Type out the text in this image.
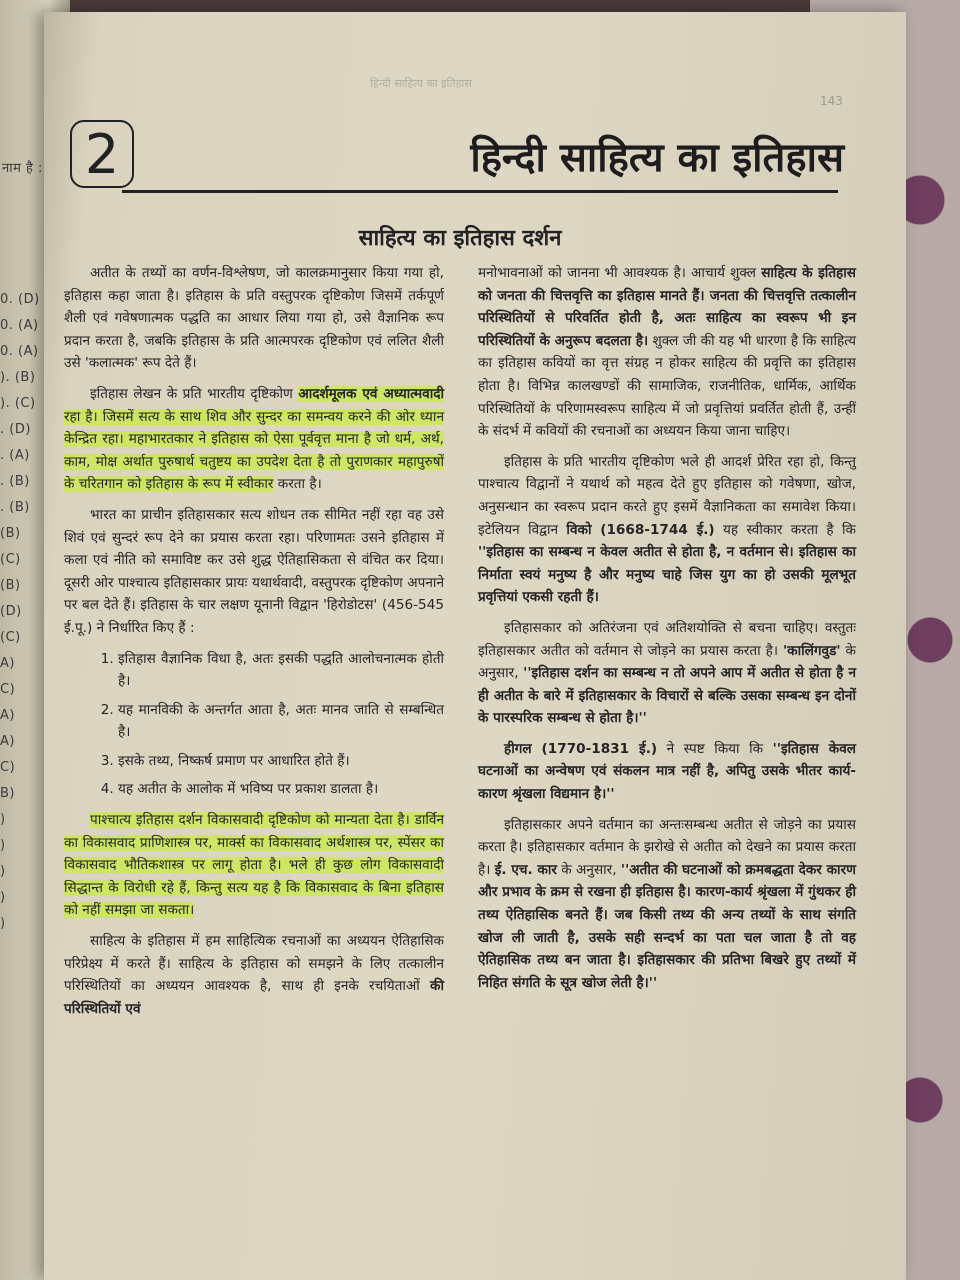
नाम है :
0. (D)
0. (A)
0. (A)
). (B)
). (C)
. (D)
. (A)
. (B)
. (B)
(B)
(C)
(B)
(D)
(C)
A)
C)
A)
A)
C)
B)
)
)
)
)
)
हिन्दी साहित्य का इतिहास
143
2	हिन्दी साहित्य का इतिहास
साहित्य का इतिहास दर्शन

अतीत के तथ्यों का वर्णन-विश्लेषण, जो कालक्रमानुसार किया गया हो, इतिहास कहा जाता है। इतिहास के प्रति वस्तुपरक दृष्टिकोण जिसमें तर्कपूर्ण शैली एवं गवेषणात्मक पद्धति का आधार लिया गया हो, उसे वैज्ञानिक रूप प्रदान करता है, जबकि इतिहास के प्रति आत्मपरक दृष्टिकोण एवं ललित शैली उसे 'कलात्मक' रूप देते हैं।

इतिहास लेखन के प्रति भारतीय दृष्टिकोण आदर्शमूलक एवं अध्यात्मवादी रहा है। जिसमें सत्य के साथ शिव और सुन्दर का समन्वय करने की ओर ध्यान केन्द्रित रहा। महाभारतकार ने इतिहास को ऐसा पूर्ववृत्त माना है जो धर्म, अर्थ, काम, मोक्ष अर्थात पुरुषार्थ चतुष्टय का उपदेश देता है तो पुराणकार महापुरुषों के चरितगान को इतिहास के रूप में स्वीकार करता है।

भारत का प्राचीन इतिहासकार सत्य शोधन तक सीमित नहीं रहा वह उसे शिवं एवं सुन्दरं रूप देने का प्रयास करता रहा। परिणामतः उसने इतिहास में कला एवं नीति को समाविष्ट कर उसे शुद्ध ऐतिहासिकता से वंचित कर दिया। दूसरी ओर पाश्चात्य इतिहासकार प्रायः यथार्थवादी, वस्तुपरक दृष्टिकोण अपनाने पर बल देते हैं। इतिहास के चार लक्षण यूनानी विद्वान 'हिरोडोटस' (456-545 ई.पू.) ने निर्धारित किए हैं :

1. इतिहास वैज्ञानिक विधा है, अतः इसकी पद्धति आलोचनात्मक होती है।
2. यह मानविकी के अन्तर्गत आता है, अतः मानव जाति से सम्बन्धित है।
3. इसके तथ्य, निष्कर्ष प्रमाण पर आधारित होते हैं।
4. यह अतीत के आलोक में भविष्य पर प्रकाश डालता है।

पाश्चात्य इतिहास दर्शन विकासवादी दृष्टिकोण को मान्यता देता है। डार्विन का विकासवाद प्राणिशास्त्र पर, मार्क्स का विकासवाद अर्थशास्त्र पर, स्पेंसर का विकासवाद भौतिकशास्त्र पर लागू होता है। भले ही कुछ लोग विकासवादी सिद्धान्त के विरोधी रहे हैं, किन्तु सत्य यह है कि विकासवाद के बिना इतिहास को नहीं समझा जा सकता।

साहित्य के इतिहास में हम साहित्यिक रचनाओं का अध्ययन ऐतिहासिक परिप्रेक्ष्य में करते हैं। साहित्य के इतिहास को समझने के लिए तत्कालीन परिस्थितियों का अध्ययन आवश्यक है, साथ ही इनके रचयिताओं की परिस्थितियों एवं

मनोभावनाओं को जानना भी आवश्यक है। आचार्य शुक्ल साहित्य के इतिहास को जनता की चित्तवृत्ति का इतिहास मानते हैं। जनता की चित्तवृत्ति तत्कालीन परिस्थितियों से परिवर्तित होती है, अतः साहित्य का स्वरूप भी इन परिस्थितियों के अनुरूप बदलता है। शुक्ल जी की यह भी धारणा है कि साहित्य का इतिहास कवियों का वृत्त संग्रह न होकर साहित्य की प्रवृत्ति का इतिहास होता है। विभिन्न कालखण्डों की सामाजिक, राजनीतिक, धार्मिक, आर्थिक परिस्थितियों के परिणामस्वरूप साहित्य में जो प्रवृत्तियां प्रवर्तित होती हैं, उन्हीं के संदर्भ में कवियों की रचनाओं का अध्ययन किया जाना चाहिए।

इतिहास के प्रति भारतीय दृष्टिकोण भले ही आदर्श प्रेरित रहा हो, किन्तु पाश्चात्य विद्वानों ने यथार्थ को महत्व देते हुए इतिहास को गवेषणा, खोज, अनुसन्धान का स्वरूप प्रदान करते हुए इसमें वैज्ञानिकता का समावेश किया। इटेलियन विद्वान विको (1668-1744 ई.) यह स्वीकार करता है कि ''इतिहास का सम्बन्ध न केवल अतीत से होता है, न वर्तमान से। इतिहास का निर्माता स्वयं मनुष्य है और मनुष्य चाहे जिस युग का हो उसकी मूलभूत प्रवृत्तियां एकसी रहती हैं।

इतिहासकार को अतिरंजना एवं अतिशयोक्ति से बचना चाहिए। वस्तुतः इतिहासकार अतीत को वर्तमान से जोड़ने का प्रयास करता है। 'कालिंगवुड' के अनुसार, ''इतिहास दर्शन का सम्बन्ध न तो अपने आप में अतीत से होता है न ही अतीत के बारे में इतिहासकार के विचारों से बल्कि उसका सम्बन्ध इन दोनों के पारस्परिक सम्बन्ध से होता है।''

हीगल (1770-1831 ई.) ने स्पष्ट किया कि ''इतिहास केवल घटनाओं का अन्वेषण एवं संकलन मात्र नहीं है, अपितु उसके भीतर कार्य-कारण श्रृंखला विद्यमान है।''

इतिहासकार अपने वर्तमान का अन्तःसम्बन्ध अतीत से जोड़ने का प्रयास करता है। इतिहासकार वर्तमान के झरोखे से अतीत को देखने का प्रयास करता है। ई. एच. कार के अनुसार, ''अतीत की घटनाओं को क्रमबद्धता देकर कारण और प्रभाव के क्रम से रखना ही इतिहास है। कारण-कार्य श्रृंखला में गुंथकर ही तथ्य ऐतिहासिक बनते हैं। जब किसी तथ्य की अन्य तथ्यों के साथ संगति खोज ली जाती है, उसके सही सन्दर्भ का पता चल जाता है तो वह ऐतिहासिक तथ्य बन जाता है। इतिहासकार की प्रतिभा बिखरे हुए तथ्यों में निहित संगति के सूत्र खोज लेती है।''
